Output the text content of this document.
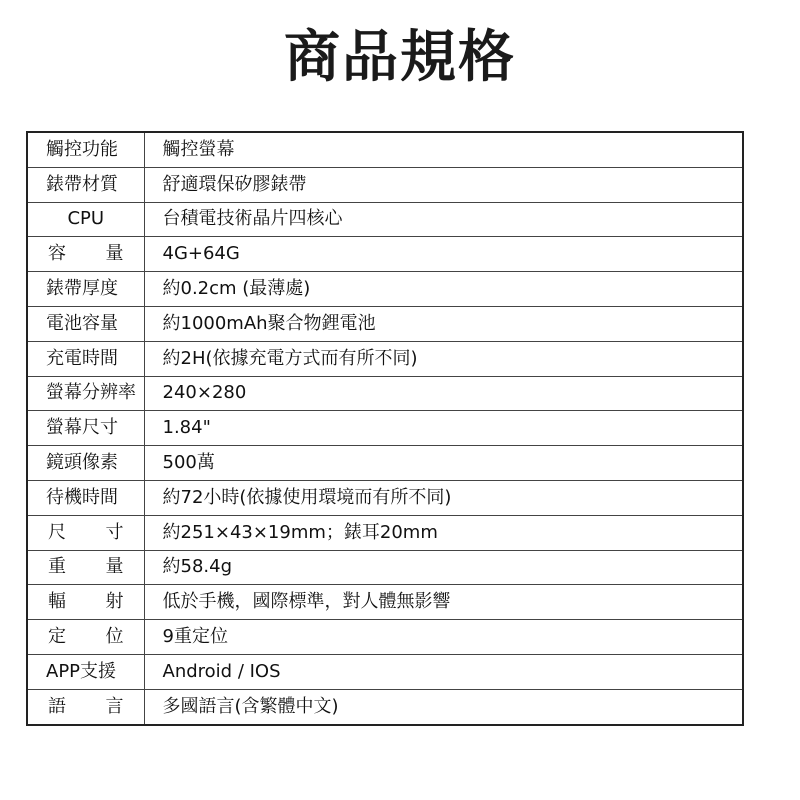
商品規格
觸控功能	觸控螢幕
錶帶材質	舒適環保矽膠錶帶
CPU	台積電技術晶片四核心

容 量	4G+64G
錶帶厚度	約0.2cm (最薄處)
電池容量	約1000mAh聚合物鋰電池
充電時間	約2H(依據充電方式而有所不同)
螢幕分辨率	240×280
螢幕尺寸	1.84"
鏡頭像素	500萬
待機時間	約72小時(依據使用環境而有所不同)

尺 寸	約251×43×19mm；錶耳20mm

重 量	約58.4g

輻 射	低於手機，國際標準，對人體無影響

定 位	9重定位
APP支援	Android / IOS

語 言	多國語言(含繁體中文)
